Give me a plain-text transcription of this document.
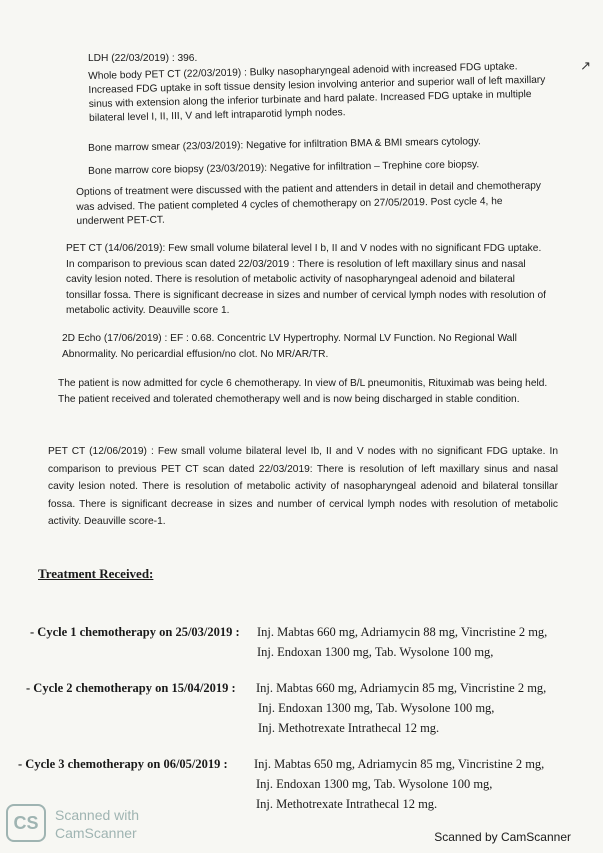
↗

LDH (22/03/2019) : 396.

Whole body PET CT (22/03/2019) : Bulky nasopharyngeal adenoid with increased FDG uptake. Increased FDG uptake in soft tissue density lesion involving anterior and superior wall of left maxillary sinus with extension along the inferior turbinate and hard palate. Increased FDG uptake in multiple bilateral level I, II, III, V and left intraparotid lymph nodes.

Bone marrow smear (23/03/2019): Negative for infiltration BMA & BMI smears cytology.

Bone marrow core biopsy (23/03/2019): Negative for infiltration – Trephine core biopsy.

Options of treatment were discussed with the patient and attenders in detail in detail and chemotherapy was advised. The patient completed 4 cycles of chemotherapy on 27/05/2019. Post cycle 4, he underwent PET-CT.

PET CT (14/06/2019): Few small volume bilateral level I b, II and V nodes with no significant FDG uptake. In comparison to previous scan dated 22/03/2019 : There is resolution of left maxillary sinus and nasal cavity lesion noted. There is resolution of metabolic activity of nasopharyngeal adenoid and bilateral tonsillar fossa. There is significant decrease in sizes and number of cervical lymph nodes with resolution of metabolic activity. Deauville score 1.

2D Echo (17/06/2019) : EF : 0.68. Concentric LV Hypertrophy. Normal LV Function. No Regional Wall Abnormality. No pericardial effusion/no clot. No MR/AR/TR.

The patient is now admitted for cycle 6 chemotherapy. In view of B/L pneumonitis, Rituximab was being held. The patient received and tolerated chemotherapy well and is now being discharged in stable condition.

PET CT (12/06/2019) : Few small volume bilateral level Ib, II and V nodes with no significant FDG uptake. In comparison to previous PET CT scan dated 22/03/2019: There is resolution of left maxillary sinus and nasal cavity lesion noted. There is resolution of metabolic activity of nasopharyngeal adenoid and bilateral tonsillar fossa. There is significant decrease in sizes and number of cervical lymph nodes with resolution of metabolic activity. Deauville score-1.

Treatment Received:
- Cycle 1 chemotherapy on 25/03/2019 : Inj. Mabtas 660 mg, Adriamycin 88 mg, Vincristine 2 mg,
Inj. Endoxan 1300 mg, Tab. Wysolone 100 mg,
- Cycle 2 chemotherapy on 15/04/2019 : Inj. Mabtas 660 mg, Adriamycin 85 mg, Vincristine 2 mg,
Inj. Endoxan 1300 mg, Tab. Wysolone 100 mg,
Inj. Methotrexate Intrathecal 12 mg.
- Cycle 3 chemotherapy on 06/05/2019 : Inj. Mabtas 650 mg, Adriamycin 85 mg, Vincristine 2 mg,
Inj. Endoxan 1300 mg, Tab. Wysolone 100 mg,
Inj. Methotrexate Intrathecal 12 mg.
CS	Scanned with
CamScanner	Scanned by CamScanner
